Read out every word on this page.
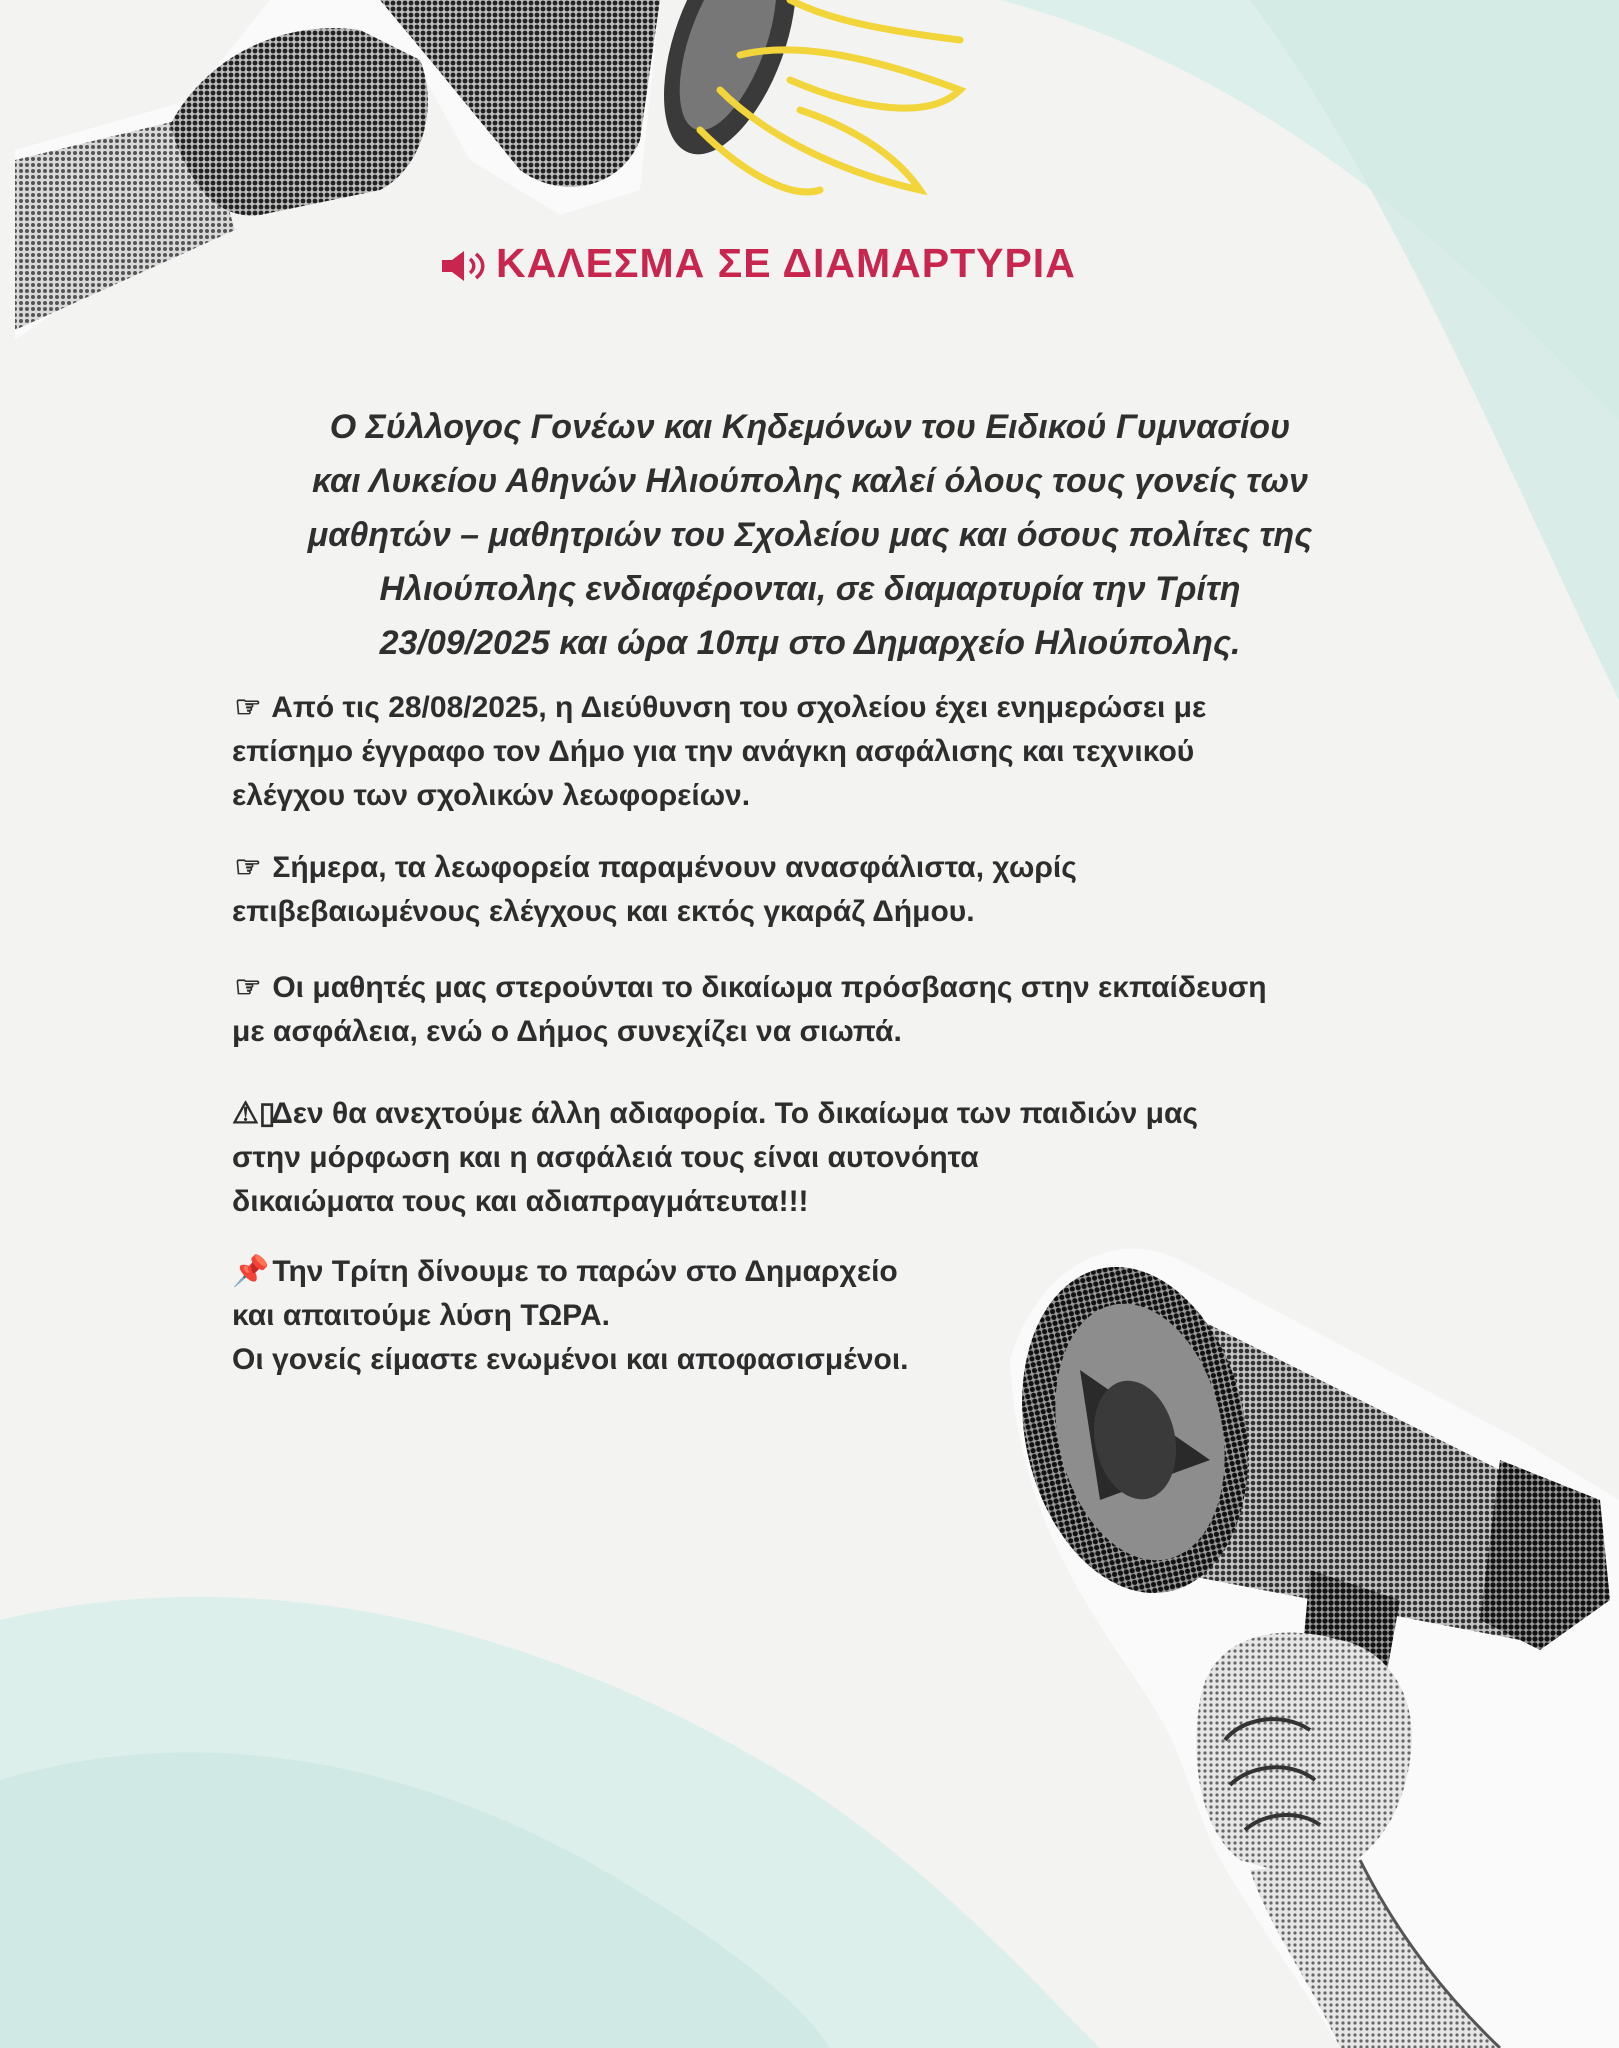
ΚΑΛΕΣΜΑ ΣΕ ΔΙΑΜΑΡΤΥΡΙΑ
Ο Σύλλογος Γονέων και Κηδεμόνων του Ειδικού Γυμνασίου
και Λυκείου Αθηνών Ηλιούπολης καλεί όλους τους γονείς των
μαθητών – μαθητριών του Σχολείου μας και όσους πολίτες της
Ηλιούπολης ενδιαφέρονται, σε διαμαρτυρία την Τρίτη
23/09/2025 και ώρα 10πμ στο Δημαρχείο Ηλιούπολης.
☞ Από τις 28/08/2025, η Διεύθυνση του σχολείου έχει ενημερώσει με
επίσημο έγγραφο τον Δήμο για την ανάγκη ασφάλισης και τεχνικού
ελέγχου των σχολικών λεωφορείων.
☞ Σήμερα, τα λεωφορεία παραμένουν ανασφάλιστα, χωρίς
επιβεβαιωμένους ελέγχους και εκτός γκαράζ Δήμου.
☞ Οι μαθητές μας στερούνται το δικαίωμα πρόσβασης στην εκπαίδευση
με ασφάλεια, ενώ ο Δήμος συνεχίζει να σιωπά.
⚠▯ Δεν θα ανεχτούμε άλλη αδιαφορία. Το δικαίωμα των παιδιών μας
στην μόρφωση και η ασφάλειά τους είναι αυτονόητα
δικαιώματα τους και αδιαπραγμάτευτα!!!
📌 Την Τρίτη δίνουμε το παρών στο Δημαρχείο
και απαιτούμε λύση ΤΩΡΑ.
Οι γονείς είμαστε ενωμένοι και αποφασισμένοι.
